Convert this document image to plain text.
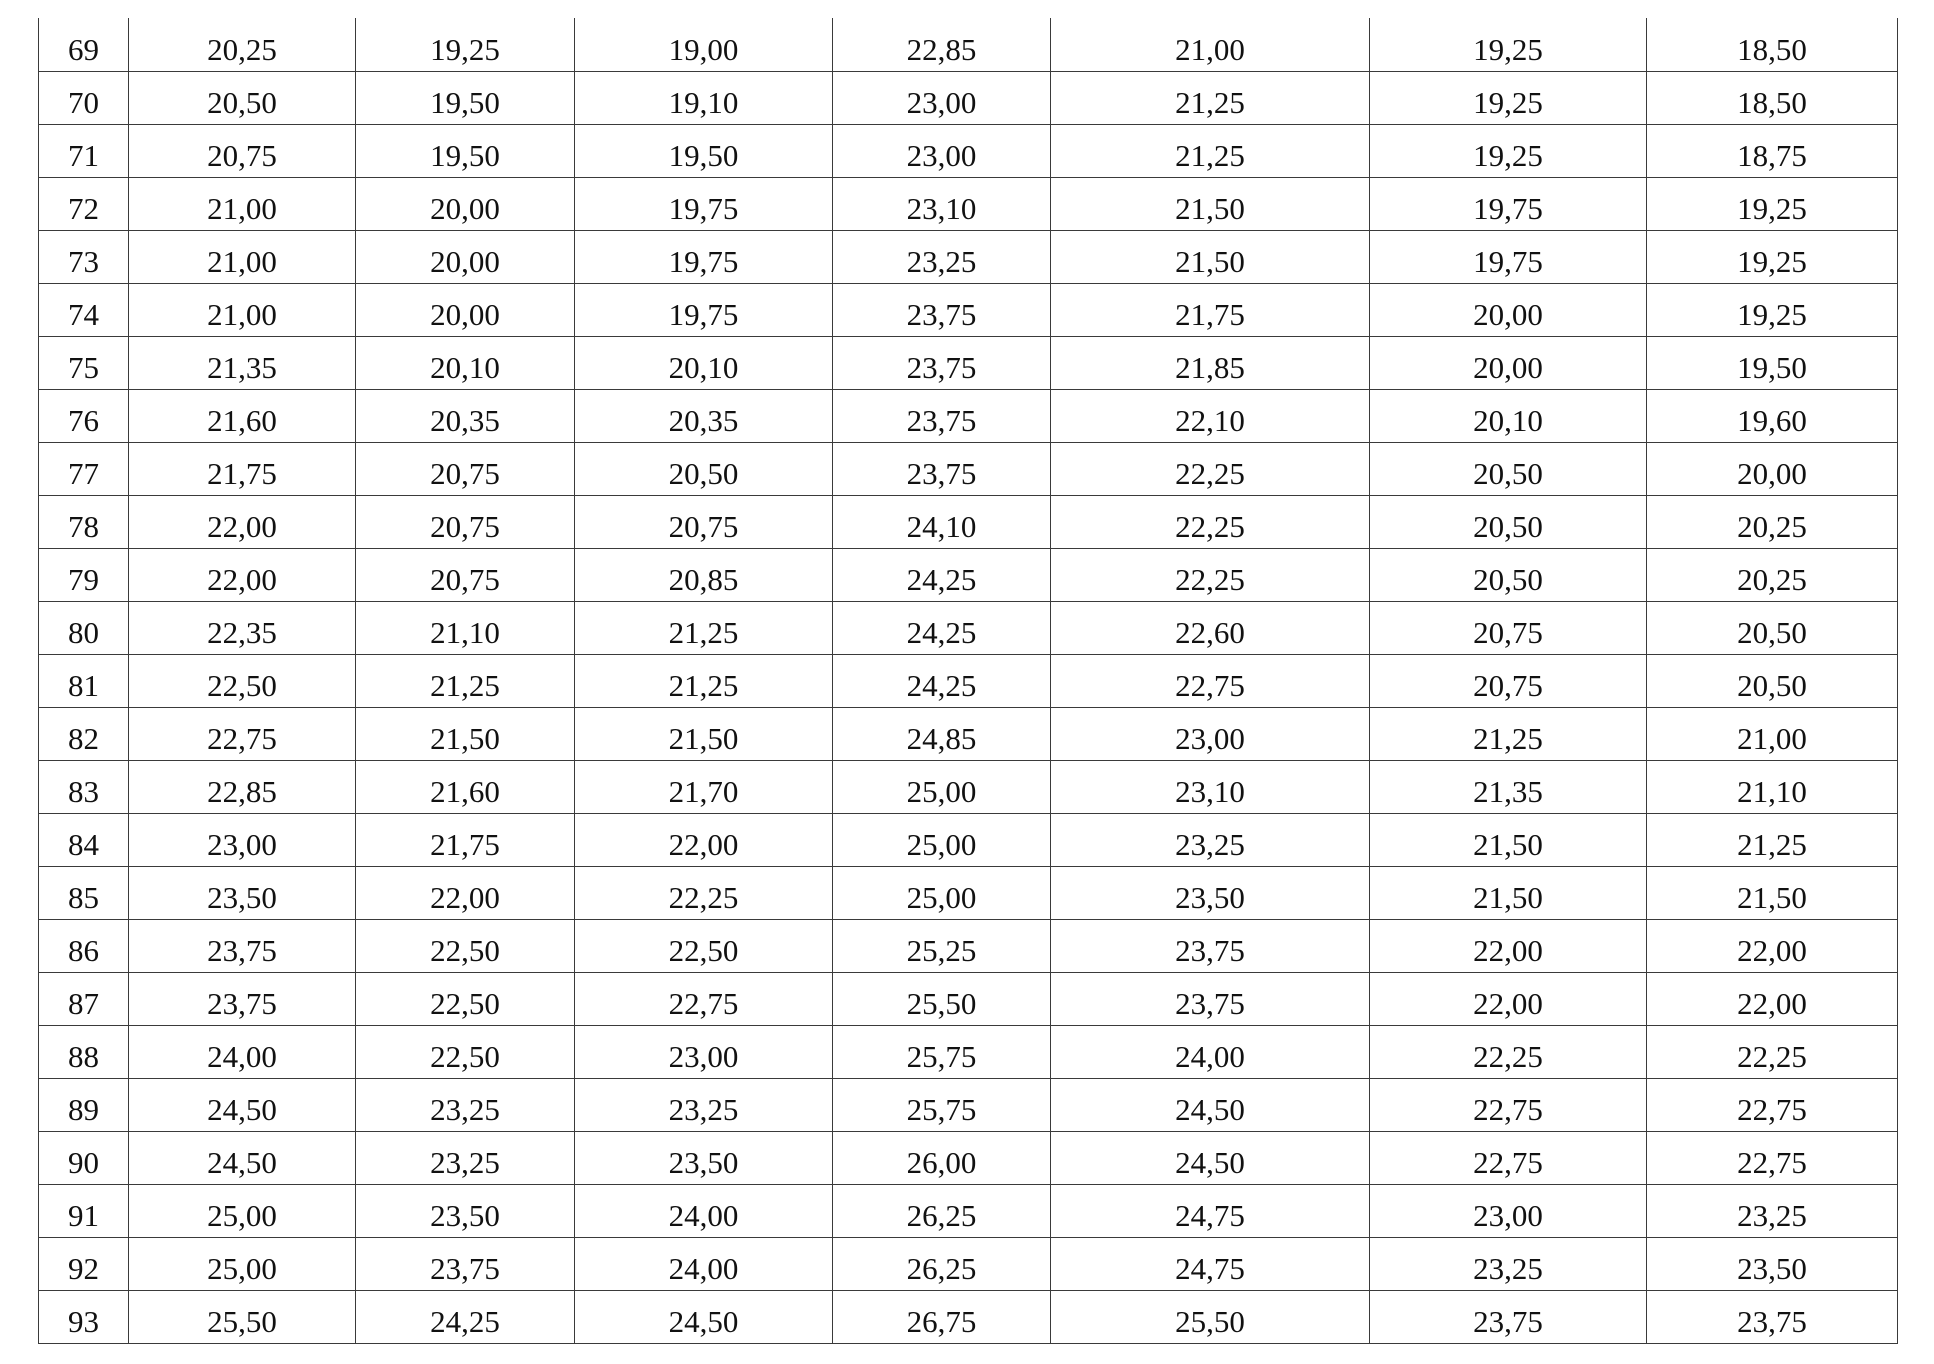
69	20,25	19,25	19,00	22,85	21,00	19,25	18,50
70	20,50	19,50	19,10	23,00	21,25	19,25	18,50
71	20,75	19,50	19,50	23,00	21,25	19,25	18,75
72	21,00	20,00	19,75	23,10	21,50	19,75	19,25
73	21,00	20,00	19,75	23,25	21,50	19,75	19,25
74	21,00	20,00	19,75	23,75	21,75	20,00	19,25
75	21,35	20,10	20,10	23,75	21,85	20,00	19,50
76	21,60	20,35	20,35	23,75	22,10	20,10	19,60
77	21,75	20,75	20,50	23,75	22,25	20,50	20,00
78	22,00	20,75	20,75	24,10	22,25	20,50	20,25
79	22,00	20,75	20,85	24,25	22,25	20,50	20,25
80	22,35	21,10	21,25	24,25	22,60	20,75	20,50
81	22,50	21,25	21,25	24,25	22,75	20,75	20,50
82	22,75	21,50	21,50	24,85	23,00	21,25	21,00
83	22,85	21,60	21,70	25,00	23,10	21,35	21,10
84	23,00	21,75	22,00	25,00	23,25	21,50	21,25
85	23,50	22,00	22,25	25,00	23,50	21,50	21,50
86	23,75	22,50	22,50	25,25	23,75	22,00	22,00
87	23,75	22,50	22,75	25,50	23,75	22,00	22,00
88	24,00	22,50	23,00	25,75	24,00	22,25	22,25
89	24,50	23,25	23,25	25,75	24,50	22,75	22,75
90	24,50	23,25	23,50	26,00	24,50	22,75	22,75
91	25,00	23,50	24,00	26,25	24,75	23,00	23,25
92	25,00	23,75	24,00	26,25	24,75	23,25	23,50
93	25,50	24,25	24,50	26,75	25,50	23,75	23,75
